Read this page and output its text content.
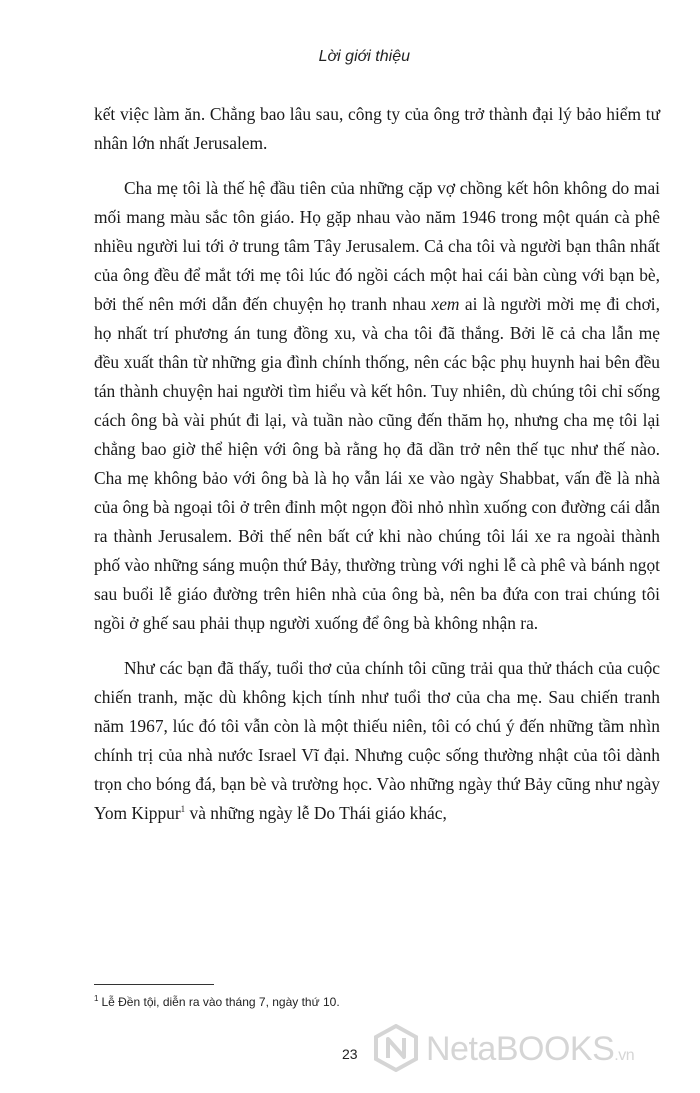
Lời giới thiệu

kết việc làm ăn. Chẳng bao lâu sau, công ty của ông trở thành đại lý bảo hiểm tư nhân lớn nhất Jerusalem.

Cha mẹ tôi là thế hệ đầu tiên của những cặp vợ chồng kết hôn không do mai mối mang màu sắc tôn giáo. Họ gặp nhau vào năm 1946 trong một quán cà phê nhiều người lui tới ở trung tâm Tây Jerusalem. Cả cha tôi và người bạn thân nhất của ông đều để mắt tới mẹ tôi lúc đó ngồi cách một hai cái bàn cùng với bạn bè, bởi thế nên mới dẫn đến chuyện họ tranh nhau xem ai là người mời mẹ đi chơi, họ nhất trí phương án tung đồng xu, và cha tôi đã thắng. Bởi lẽ cả cha lẫn mẹ đều xuất thân từ những gia đình chính thống, nên các bậc phụ huynh hai bên đều tán thành chuyện hai người tìm hiểu và kết hôn. Tuy nhiên, dù chúng tôi chỉ sống cách ông bà vài phút đi lại, và tuần nào cũng đến thăm họ, nhưng cha mẹ tôi lại chẳng bao giờ thể hiện với ông bà rằng họ đã dần trở nên thế tục như thế nào. Cha mẹ không bảo với ông bà là họ vẫn lái xe vào ngày Shabbat, vấn đề là nhà của ông bà ngoại tôi ở trên đỉnh một ngọn đồi nhỏ nhìn xuống con đường cái dẫn ra thành Jerusalem. Bởi thế nên bất cứ khi nào chúng tôi lái xe ra ngoài thành phố vào những sáng muộn thứ Bảy, thường trùng với nghi lễ cà phê và bánh ngọt sau buổi lễ giáo đường trên hiên nhà của ông bà, nên ba đứa con trai chúng tôi ngồi ở ghế sau phải thụp người xuống để ông bà không nhận ra.

Như các bạn đã thấy, tuổi thơ của chính tôi cũng trải qua thử thách của cuộc chiến tranh, mặc dù không kịch tính như tuổi thơ của cha mẹ. Sau chiến tranh năm 1967, lúc đó tôi vẫn còn là một thiếu niên, tôi có chú ý đến những tầm nhìn chính trị của nhà nước Israel Vĩ đại. Nhưng cuộc sống thường nhật của tôi dành trọn cho bóng đá, bạn bè và trường học. Vào những ngày thứ Bảy cũng như ngày Yom Kippur$^1$ và những ngày lễ Do Thái giáo khác,

$^1$ Lễ Đền tội, diễn ra vào tháng 7, ngày thứ 10.
23 NetaBOOKS.vn
